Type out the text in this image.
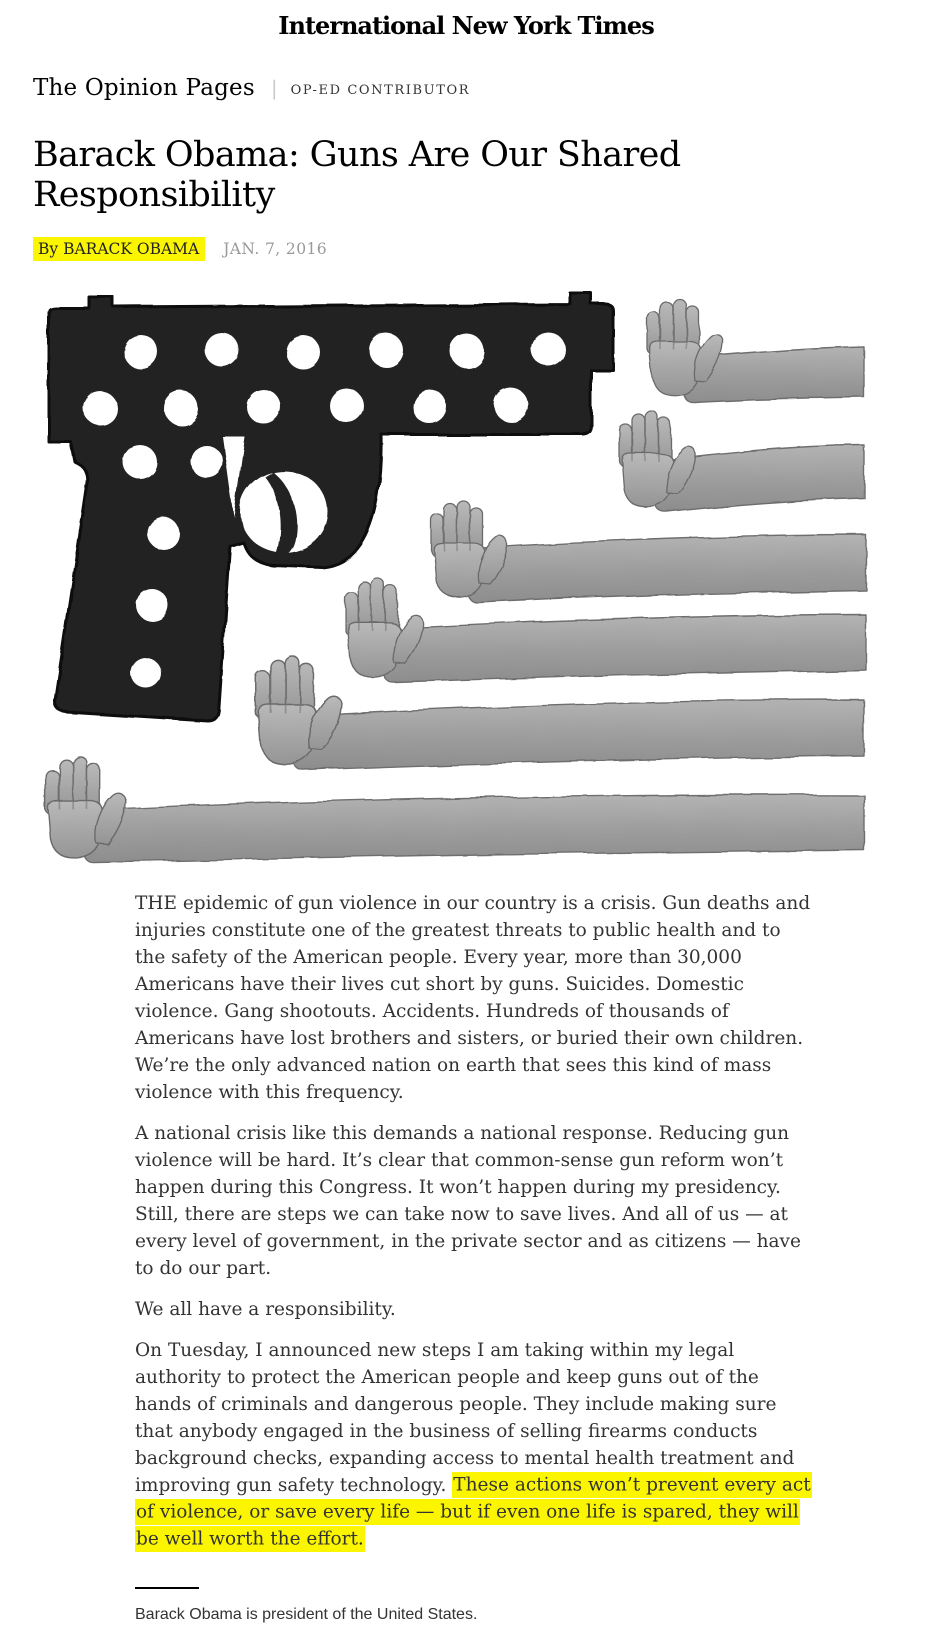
International New York Times
The Opinion Pages | OP-ED CONTRIBUTOR
Barack Obama: Guns Are Our Shared Responsibility
By BARACK OBAMA JAN. 7, 2016

THE epidemic of gun violence in our country is a crisis. Gun deaths and injuries constitute one of the greatest threats to public health and to the safety of the American people. Every year, more than 30,000 Americans have their lives cut short by guns. Suicides. Domestic violence. Gang shootouts. Accidents. Hundreds of thousands of Americans have lost brothers and sisters, or buried their own children. We’re the only advanced nation on earth that sees this kind of mass violence with this frequency.

A national crisis like this demands a national response. Reducing gun violence will be hard. It’s clear that common-sense gun reform won’t happen during this Congress. It won’t happen during my presidency. Still, there are steps we can take now to save lives. And all of us — at every level of government, in the private sector and as citizens — have to do our part.

We all have a responsibility.

On Tuesday, I announced new steps I am taking within my legal authority to protect the American people and keep guns out of the hands of criminals and dangerous people. They include making sure that anybody engaged in the business of selling firearms conducts background checks, expanding access to mental health treatment and improving gun safety technology. These actions won’t prevent every act of violence, or save every life — but if even one life is spared, they will be well worth the effort.

Barack Obama is president of the United States.
